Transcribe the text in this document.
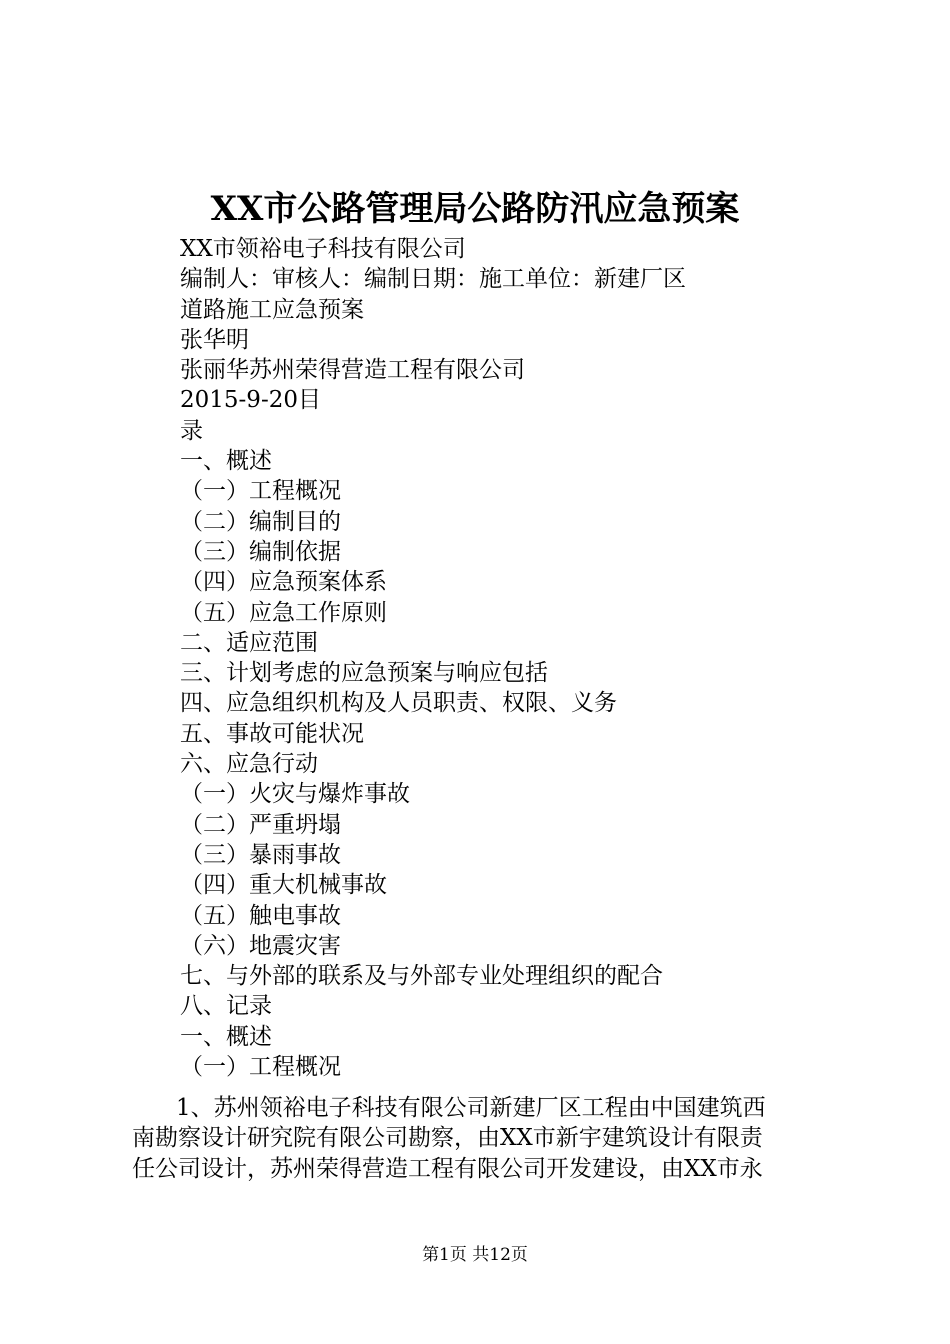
XX市公路管理局公路防汛应急预案
XX市领裕电子科技有限公司
编制人：审核人：编制日期：施工单位：新建厂区
道路施工应急预案
张华明
张丽华苏州荣得营造工程有限公司
2015-9-20目
录
一、概述
（一）工程概况
（二）编制目的
（三）编制依据
（四）应急预案体系
（五）应急工作原则
二、适应范围
三、计划考虑的应急预案与响应包括
四、应急组织机构及人员职责、权限、义务
五、事故可能状况
六、应急行动
（一）火灾与爆炸事故
（二）严重坍塌
（三）暴雨事故
（四）重大机械事故
（五）触电事故
（六）地震灾害
七、与外部的联系及与外部专业处理组织的配合
八、记录
一、概述
（一）工程概况
1、苏州领裕电子科技有限公司新建厂区工程由中国建筑西
南勘察设计研究院有限公司勘察，由XX市新宇建筑设计有限责
任公司设计，苏州荣得营造工程有限公司开发建设，由XX市永
第1页 共12页
